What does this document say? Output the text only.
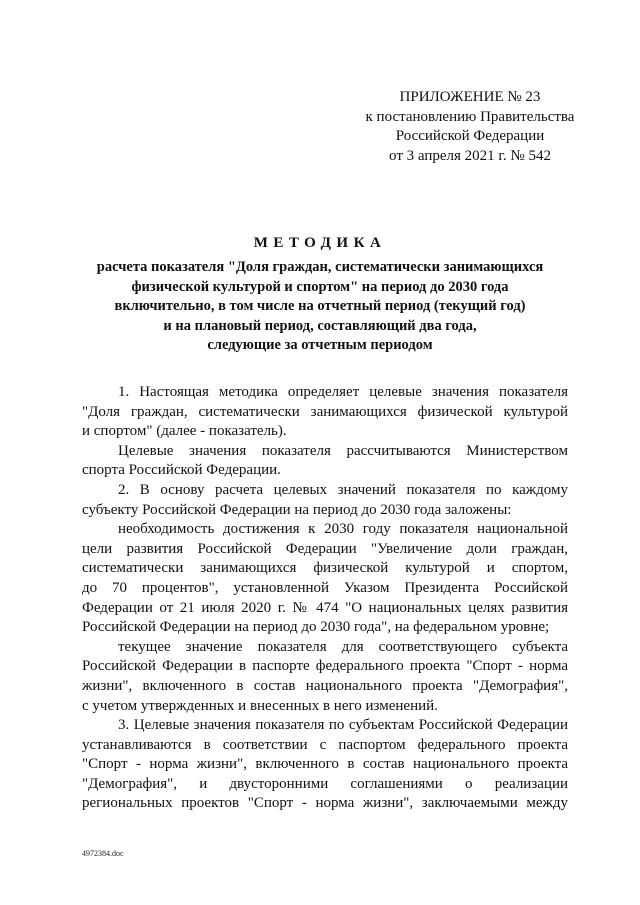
ПРИЛОЖЕНИЕ № 23
к постановлению Правительства
Российской Федерации
от 3 апреля 2021 г. № 542
МЕТОДИКА
расчета показателя "Доля граждан, систематически занимающихся
физической культурой и спортом" на период до 2030 года
включительно, в том числе на отчетный период (текущий год)
и на плановый период, составляющий два года,
следующие за отчетным периодом
1. Настоящая методика определяет целевые значения показателя
"Доля граждан, систематически занимающихся физической культурой
и спортом" (далее - показатель).
Целевые значения показателя рассчитываются Министерством
спорта Российской Федерации.
2. В основу расчета целевых значений показателя по каждому
субъекту Российской Федерации на период до 2030 года заложены:
необходимость достижения к 2030 году показателя национальной
цели развития Российской Федерации "Увеличение доли граждан,
систематически занимающихся физической культурой и спортом,
до 70 процентов", установленной Указом Президента Российской
Федерации от 21 июля 2020 г. № 474 "О национальных целях развития
Российской Федерации на период до 2030 года", на федеральном уровне;
текущее значение показателя для соответствующего субъекта
Российской Федерации в паспорте федерального проекта "Спорт - норма
жизни", включенного в состав национального проекта "Демография",
с учетом утвержденных и внесенных в него изменений.
3. Целевые значения показателя по субъектам Российской Федерации
устанавливаются в соответствии с паспортом федерального проекта
"Спорт - норма жизни", включенного в состав национального проекта
"Демография", и двусторонними соглашениями о реализации
региональных проектов "Спорт - норма жизни", заключаемыми между
4972384.doc
